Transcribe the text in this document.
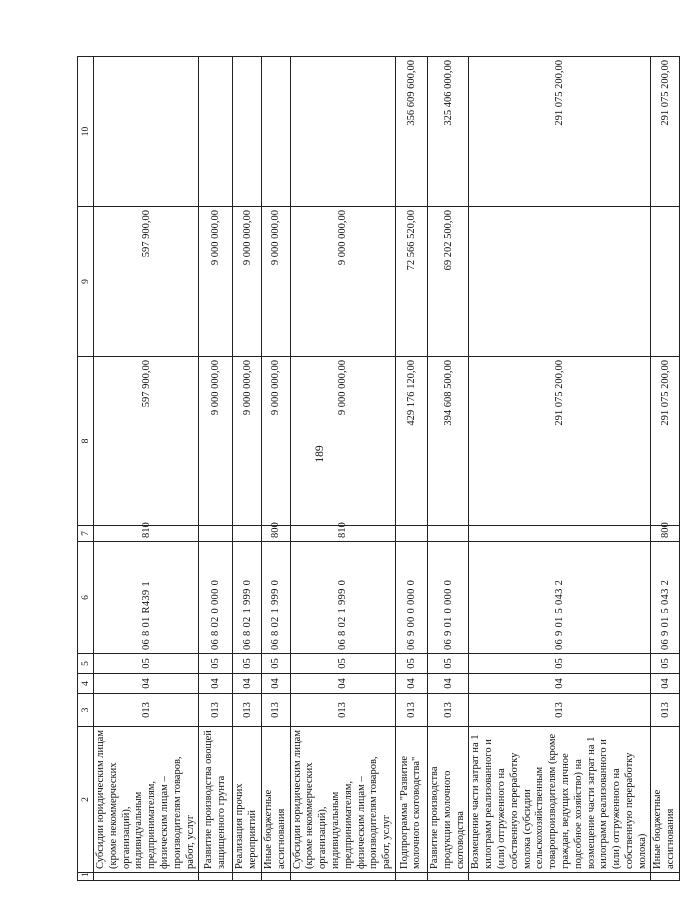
189
1	2	3	4	5	6	7	8	9	10
	Субсидии юридическим лицам (кроме некоммерческих организаций), индивидуальным предпринимателям, физическим лицам – производителям товаров, работ, услуг	013	04	05	06 8 01 R439 1	810	597 900,00	597 900,00	
	Развитие производства овощей защищенного грунта	013	04	05	06 8 02 0 000 0		9 000 000,00	9 000 000,00	
	Реализация прочих мероприятий	013	04	05	06 8 02 1 999 0		9 000 000,00	9 000 000,00	
	Иные бюджетные ассигнования	013	04	05	06 8 02 1 999 0	800	9 000 000,00	9 000 000,00	
	Субсидии юридическим лицам (кроме некоммерческих организаций), индивидуальным предпринимателям, физическим лицам – производителям товаров, работ, услуг	013	04	05	06 8 02 1 999 0	810	9 000 000,00	9 000 000,00	
	Подпрограмма "Развитие молочного скотоводства"	013	04	05	06 9 00 0 000 0		429 176 120,00	72 566 520,00	356 609 600,00
	Развитие производства продукции молочного скотоводства	013	04	05	06 9 01 0 000 0		394 608 500,00	69 202 500,00	325 406 000,00
	Возмещение части затрат на 1 килограмм реализованного и (или) отгруженного на собственную переработку молока (субсидии сельскохозяйственным товаропроизводителям (кроме граждан, ведущих личное подсобное хозяйство) на возмещение части затрат на 1 килограмм реализованного и (или) отгруженного на собственную переработку молока)	013	04	05	06 9 01 5 043 2		291 075 200,00		291 075 200,00
	Иные бюджетные ассигнования	013	04	05	06 9 01 5 043 2	800	291 075 200,00		291 075 200,00
